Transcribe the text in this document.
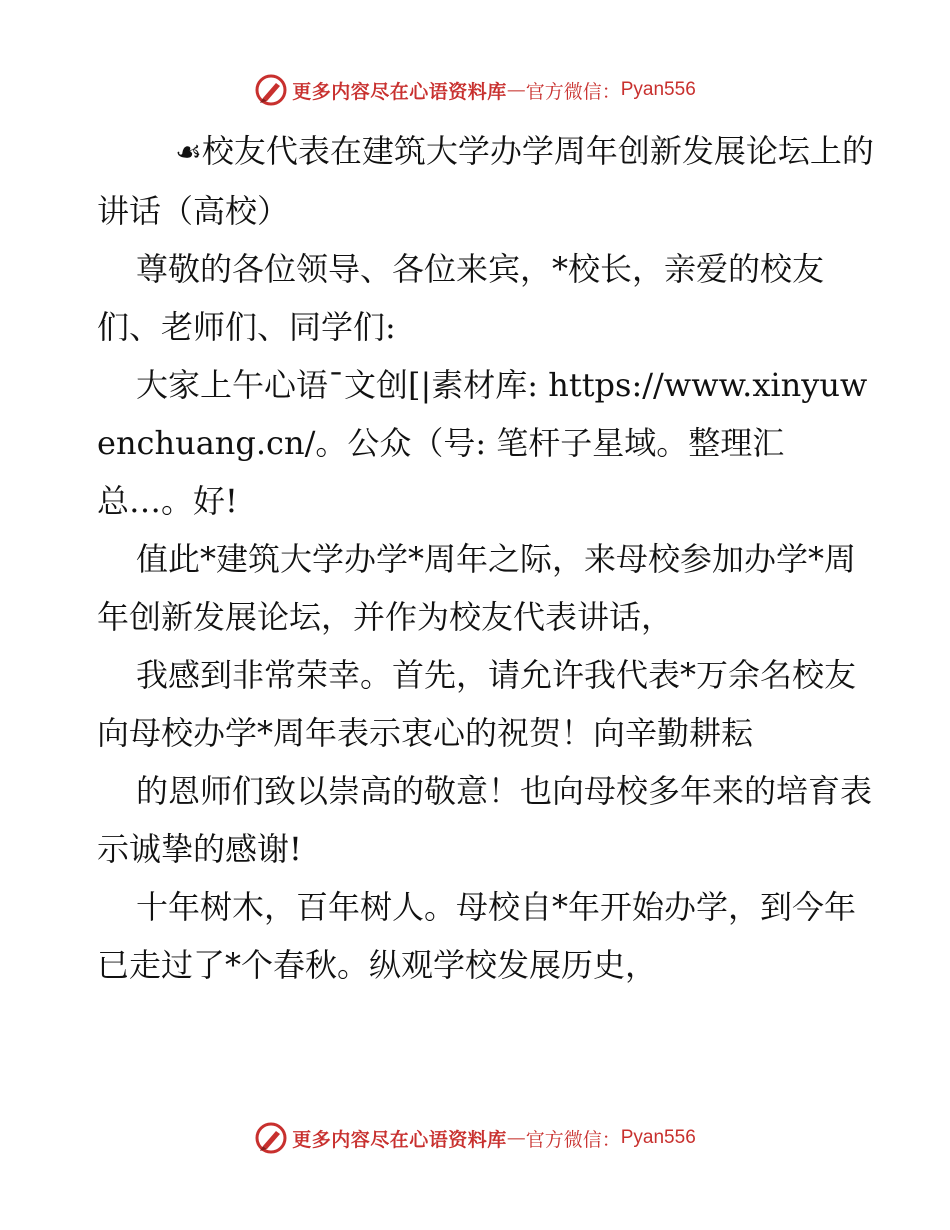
更多内容尽在心语资料库 — 官方微信： Pyan556

☙校友代表在建筑大学办学周年创新发展论坛上的讲话（高校）

尊敬的各位领导、各位来宾，*校长，亲爱的校友们、老师们、同学们:

大家上午心语¯文创[|素材库: https://www.xinyuwenchuang.cn/。公众（号: 笔杆子星域。整理汇总…。好!

值此*建筑大学办学*周年之际，来母校参加办学*周年创新发展论坛，并作为校友代表讲话，

我感到非常荣幸。首先，请允许我代表*万余名校友向母校办学*周年表示衷心的祝贺！向辛勤耕耘

的恩师们致以崇高的敬意！也向母校多年来的培育表示诚挚的感谢!

十年树木，百年树人。母校自*年开始办学，到今年已走过了*个春秋。纵观学校发展历史，

更多内容尽在心语资料库 — 官方微信： Pyan556
